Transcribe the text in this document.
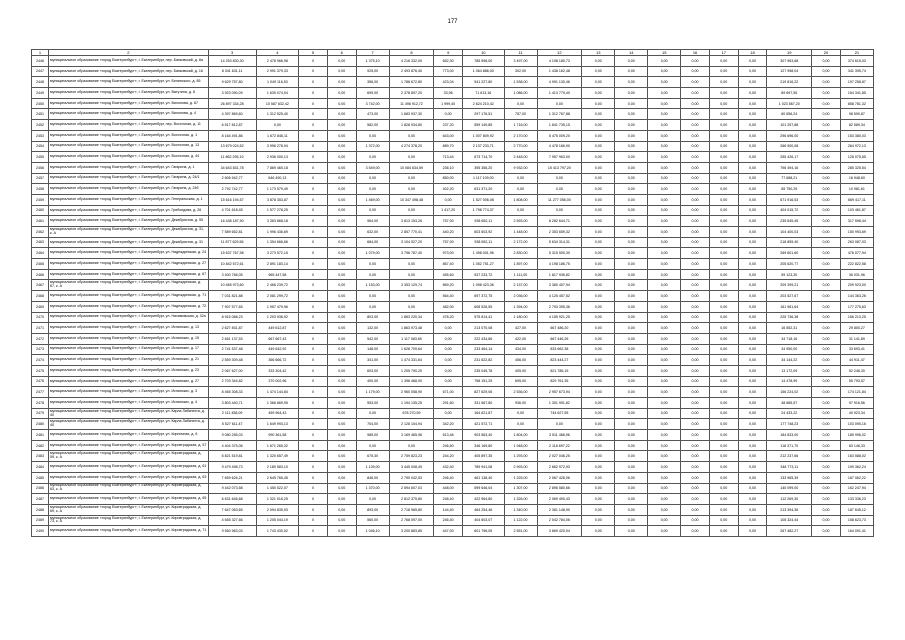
177
1	2	3	4	5	6	7	8	9	10	11	12	13	14	15	16	17	18	19	20	21
2446	муниципальное образование «город Екатеринбург», г. Екатеринбург, пер. Банковский, д. 8а	14 253 830,30	2 478 966,98	0	0,00	1 375,10	4 216 332,00	652,30	785 598,00	3 497,00	4 198 180,73	0,00	0,00	0,00	0,00	0,00	0,00	307 963,68	0,00	374 615,03
2447	муниципальное образование «город Екатеринбург», г. Екатеринбург, пер. Банковский, д. 16	8 341 631,11	2 991 379,33	0	0,00	925,00	2 493 876,40	773,00	1 064 886,00	302,00	1 438 162,48	0,00	0,00	0,00	0,00	0,00	0,00	127 958,04	0,00	341 395,74
2448	муниципальное образование «город Екатеринбург», г. Екатеринбург, ул. Белинского, д. 85	9 629 757,80	1 049 116,53	0	0,00	356,00	1 788 672,80	423,04	541 227,80	1 538,00	4 991 130,46	0,00	0,00	0,00	0,00	0,00	0,00	219 816,22	0,00	197 258,87
2449	муниципальное образование «город Екатеринбург», г. Екатеринбург, ул. Ватутина, д. 8	3 923 090,09	1 639 074,04	0	0,00	699,00	2 378 897,20	33,96	71 613,16	1 086,00	1 413 779,40	0,00	0,00	0,00	0,00	0,00	0,00	89 697,55	0,00	154 341,85
2450	муниципальное образование «город Екатеринбург», г. Екатеринбург, ул. Вилонова, д. 67	26 897 334,28	10 587 632,42	0	0,00	3 742,00	11 496 912,72	1 999,40	2 624 210,42	0,00	0,00	0,00	0,00	0,00	0,00	0,00	0,00	1 023 567,20	0,00	858 781,32
2451	муниципальное образование «город Екатеринбург», г. Екатеринбург, ул. Вилонова, д. 4	4 397 869,60	1 312 525,40	0	0,00	473,00	1 683 937,30	0,00	297 176,51	757,00	1 312 767,88	0,00	0,00	0,00	0,00	0,00	0,00	60 656,24	0,00	98 590,87
2452	муниципальное образование «город Екатеринбург», г. Екатеринбург, пер. Восточная, д. 11	6 517 812,87	0,00	0	0,00	582,00	1 828 934,80	237,20	559 149,85	1 716,00	1 841 735,15	0,00	0,00	0,00	0,00	0,00	0,00	101 257,88	0,00	82 589,34
2453	муниципальное образование «город Екатеринбург», г. Екатеринбург, ул. Восточная, д. 1	8 164 491,86	1 672 846,11	0	0,00	0,00	0,00	643,00	1 007 809,92	2 170,00	5 475 009,20	0,00	0,00	0,00	0,00	0,00	0,00	296 696,00	0,00	153 380,03
2454	муниципальное образование «город Екатеринбург», г. Екатеринбург, ул. Восточная, д. 13	13 679 024,52	3 996 278,94	0	0,00	1 372,00	4 274 378,20	889,70	2 137 233,71	2 770,00	4 478 166,90	0,00	0,00	0,00	0,00	0,00	0,00	266 900,08	0,00	264 972,13
2455	муниципальное образование «город Екатеринбург», г. Екатеринбург, ул. Восточная, д. 44	11 862 295,19	2 936 000,13	0	0,00	0,00	0,00	713,44	673 714,70	2 448,00	7 957 963,00	0,00	0,00	0,00	0,00	0,00	0,00	255 426,17	0,00	128 075,65
2456	муниципальное образование «город Екатеринбург», г. Екатеринбург, ул. Гагарина, д. 1	34 643 831,78	7 869 460,18	0	0,00	3 549,00	10 084 634,59	236,10	395 356,20	9 932,00	15 413 797,20	0,00	0,00	0,00	0,00	0,00	0,00	796 494,16	0,00	285 325,54
2457	муниципальное образование «город Екатеринбург», г. Екатеринбург, ул. Гагарина, д. 24/1	2 606 942,77	646 490,13	0	0,00	0,00	0,00	850,00	1 117 109,00	0,00	0,00	0,00	0,00	0,00	0,00	0,00	0,00	77 688,21	0,00	16 948,60
2458	муниципальное образование «город Екатеринбург», г. Екатеринбург, ул. Гагарина, д. 24б	2 792 742,77	1 173 579,49	0	0,00	0,00	0,00	402,20	631 371,20	0,00	0,00	0,00	0,00	0,00	0,00	0,00	0,00	65 750,25	0,00	10 981,61
2459	муниципальное образование «город Екатеринбург», г. Екатеринбург, ул. Генеральская, д. 1	15 616 194,57	3 878 353,87	0	0,00	1 469,00	10 347 498,48	0,00	1 527 006,08	1 808,00	11 277 056,00	0,00	0,00	0,00	0,00	0,00	0,00	671 916,53	0,00	669 417,11
2460	муниципальное образование «город Екатеринбург», г. Екатеринбург, ул. Грибоедова, д. 26	4 701 618,45	1 577 278,25	0	0,00	0,00	0,00	1 417,20	1 798 774,37	0,00	0,00	0,00	0,00	0,00	0,00	0,00	0,00	404 015,72	0,00	103 461,87
2461	муниципальное образование «город Екатеринбург», г. Екатеринбург, ул. Декабристов, д. 55	16 438 187,90	3 363 868,18	0	0,00	964,00	3 813 153,26	757,00	938 652,11	2 593,00	8 282 644,71	0,00	0,00	0,00	0,00	0,00	0,00	235 645,45	0,00	317 598,44
2462	муниципальное образование «город Екатеринбург», г. Екатеринбург, ул. Декабристов, д. 31, к. А	7 589 652,81	1 996 436,69	0	0,00	632,00	2 857 770,41	440,20	603 603,92	1 448,00	2 353 659,32	0,00	0,00	0,00	0,00	0,00	0,00	104 400,03	0,00	150 993,69
2463	муниципальное образование «город Екатеринбург», г. Екатеринбург, ул. Декабристов, д. 31	11 877 629,56	1 354 666,66	0	0,00	684,00	3 104 527,20	757,00	938 652,11	2 172,00	5 634 314,31	0,00	0,00	0,00	0,00	0,00	0,00	218 859,40	0,00	263 087,03
2464	муниципальное образование «город Екатеринбург», г. Екатеринбург, ул. Надеждинская, д. 24	15 637 767,98	3 273 572,15	0	0,00	1 079,00	3 796 787,40	973,00	1 498 001,96	2 830,00	5 315 500,30	0,00	0,00	0,00	0,00	0,00	0,00	269 601,60	0,00	476 077,94
2465	муниципальное образование «город Екатеринбург», г. Екатеринбург, ул. Надеждинская, д. 27	10 842 572,61	2 891 183,14	0	0,00	0,00	0,00	867,40	1 052 751,27	1 897,00	4 198 186,75	0,00	0,00	0,00	0,00	0,00	0,00	205 620,77	0,00	222 822,58
2466	муниципальное образование «город Екатеринбург», г. Екатеринбург, ул. Надеждинская, д. 67	3 400 766,05	965 447,58	0	0,00	0,00	0,00	455,60	537 233,72	1 111,00	1 817 936,82	0,00	0,00	0,00	0,00	0,00	0,00	59 123,30	0,00	36 031,96
2467	муниципальное образование «город Екатеринбург», г. Екатеринбург, ул. Надеждинская, д. 67, к. А	10 465 973,60	2 466 239,72	0	0,00	1 153,00	3 353 129,74	869,20	1 098 423,36	2 137,00	3 380 407,94	0,00	0,00	0,00	0,00	0,00	0,00	209 399,21	0,00	209 923,00
2468	муниципальное образование «город Екатеринбург», г. Екатеринбург, ул. Надеждинская, д. 71	7 031 821,88	2 081 299,72	0	0,00	0,00	0,00	564,40	697 372,75	2 036,00	4 125 457,52	0,00	0,00	0,00	0,00	0,00	0,00	203 527,67	0,00	144 363,26
2469	муниципальное образование «город Екатеринбург», г. Екатеринбург, ул. Надеждинская, д. 72	7 907 577,65	1 957 479,96	0	0,00	0,00	0,00	482,00	608 526,55	1 394,00	2 793 395,36	0,00	0,00	0,00	0,00	0,00	0,00	161 961,64	0,00	177 275,63
2470	муниципальное образование «город Екатеринбург», г. Екатеринбург, ул. Нахимовская, д. 32а	8 915 088,23	1 203 936,92	0	0,00	803,00	1 863 220,34	478,20	575 814,41	1 180,00	4 155 921,25	0,00	0,00	0,00	0,00	0,00	0,00	225 736,38	0,00	156 213,25
2471	муниципальное образование «город Екатеринбург», г. Екатеринбург, ул. Испанских, д. 13	2 627 831,87	449 612,87	0	0,00	132,00	1 863 973,48	0,00	213 070,08	427,00	667 486,20	0,00	0,00	0,00	0,00	0,00	0,00	16 552,31	0,00	29 800,27
2472	муниципальное образование «город Екатеринбург», г. Екатеринбург, ул. Испанских, д. 15	2 651 137,53	667 667,43	0	0,00	542,00	1 117 083,69	0,00	222 434,66	422,00	667 446,26	0,00	0,00	0,00	0,00	0,00	0,00	34 718,16	0,00	31 141,89
2473	муниципальное образование «город Екатеринбург», г. Екатеринбург, ул. Испанских, д. 17	2 741 537,48	449 642,92	0	0,00	148,00	1 628 709,64	0,00	233 464,14	434,00	833 662,38	0,00	0,00	0,00	0,00	0,00	0,00	34 950,00	0,00	33 693,41
2474	муниципальное образование «город Екатеринбург», г. Екатеринбург, ул. Испанских, д. 21	2 559 309,48	366 666,72	0	0,00	341,00	1 474 331,64	0,00	231 622,82	456,00	823 444,27	0,00	0,00	0,00	0,00	0,00	0,00	34 144,22	0,00	44 911,47
2475	муниципальное образование «город Екатеринбург», г. Екатеринбург, ул. Испанских, д. 23	2 067 627,00	333 304,42	0	0,00	603,00	1 205 790,20	0,00	235 045,78	405,00	821 786,15	0,00	0,00	0,00	0,00	0,00	0,00	13 172,09	0,00	52 246,30
2476	муниципальное образование «город Екатеринбург», г. Екатеринбург, ул. Испанских, д. 27	2 703 344,82	370 002,96	0	0,00	400,00	1 396 468,00	0,00	758 151,25	695,00	829 761,35	0,00	0,00	0,00	0,00	0,00	0,00	14 478,99	0,00	55 793,57
2477	муниципальное образование «город Екатеринбург», г. Екатеринбург, ул. Испанских, д. 3	8 465 308,33	1 474 144,84	0	0,00	1 179,00	2 960 058,90	671,00	827 629,06	2 536,00	2 957 673,94	0,00	0,00	0,00	0,00	0,00	0,00	156 224,02	0,00	174 121,84
2478	муниципальное образование «город Екатеринбург», г. Екатеринбург, ул. Испанских, д. 4	3 803 440,71	1 366 669,95	0	0,00	553,00	1 194 135,25	291,60	331 567,80	936,00	1 301 991,82	0,00	0,00	0,00	0,00	0,00	0,00	48 685,57	0,00	97 916,56
2479	муниципальное образование «город Екатеринбург», г. Екатеринбург, ул. Карла Либкнехта, д. 40	2 111 458,09	459 964,43	0	0,00	0,00	678 270,59	0,00	164 621,87	0,00	744 627,55	0,00	0,00	0,00	0,00	0,00	0,00	24 433,22	0,00	40 923,34
2480	муниципальное образование «город Екатеринбург», г. Екатеринбург, ул. Карла Либкнехта, д. 40	5 527 611,47	1 649 993,13	0	0,00	704,00	2 128 104,94	342,20	421 572,71	0,00	0,00	0,00	0,00	0,00	0,00	0,00	0,00	177 748,23	0,00	103 095,16
2481	муниципальное образование «город Екатеринбург», г. Екатеринбург, ул. Кирпичная, д. 6	9 080 255,03	990 361,58	0	0,00	985,00	3 169 465,96	513,46	903 563,40	1 804,00	3 511 468,96	0,00	0,00	0,00	0,00	0,00	0,00	184 833,00	0,00	185 996,02
2482	муниципальное образование «город Екатеринбург», г. Екатеринбург, ул. Кировградская, д. 57	4 404 375,06	1 671 265,32	0	0,00	0,00	0,00	246,50	346 169,80	1 948,00	2 118 697,22	0,00	0,00	0,00	0,00	0,00	0,00	118 371,70	0,00	83 146,33
2483	муниципальное образование «город Екатеринбург», г. Екатеринбург, ул. Кировградская, д. 59, к. А	5 821 519,81	1 320 657,49	0	0,00	675,30	2 759 823,23	244,20	405 897,35	1 293,00	2 027 046,25	0,00	0,00	0,00	0,00	0,00	0,00	212 237,66	0,00	163 588,02
2484	муниципальное образование «город Екатеринбург», г. Екатеринбург, ул. Кировградская, д. 61	9 479 498,73	2 189 583,10	0	0,00	1 139,00	3 445 008,49	432,40	789 941,08	2 993,00	2 662 972,93	0,00	0,00	0,00	0,00	0,00	0,00	348 773,11	0,00	199 362,24
2485	муниципальное образование «город Екатеринбург», г. Екатеринбург, ул. Кировградская, д. 63	7 659 626,21	2 649 765,45	0	0,00	846,00	2 790 042,53	246,40	461 138,40	1 225,00	2 067 426,06	0,00	0,00	0,00	0,00	0,00	0,00	133 965,39	0,00	187 062,22
2486	муниципальное образование «город Екатеринбург», г. Екатеринбург, ул. Кировградская, д. 63, к. А	9 442 073,58	1 450 522,07	0	0,00	1 370,00	2 594 607,03	448,00	599 646,04	1 307,00	2 896 580,66	0,00	0,00	0,00	0,00	0,00	0,00	140 099,00	0,00	162 247,94
2487	муниципальное образование «город Екатеринбург», г. Екатеринбург, ул. Кировградская, д. 65	6 631 646,68	1 321 016,25	0	0,00	0,00	2 812 375,80	248,40	422 964,80	1 326,00	2 069 490,43	0,00	0,00	0,00	0,00	0,00	0,00	112 269,30	0,00	133 336,23
2488	муниципальное образование «город Екатеринбург», г. Екатеринбург, ул. Кировградская, д. 69, к. А	7 647 063,65	2 094 835,93	0	0,00	893,00	2 718 965,80	144,40	464 254,46	1 340,00	2 361 148,90	0,00	0,00	0,00	0,00	0,00	0,00	213 394,36	0,00	187 645,12
2489	муниципальное образование «город Екатеринбург», г. Екатеринбург, ул. Кировградская, д. 73, к. А	4 655 327,66	1 205 044,19	0	0,00	560,00	2 768 097,00	246,40	404 603,07	1 122,00	2 042 784,06	0,00	0,00	0,00	0,00	0,00	0,00	105 324,44	0,00	158 623,73
2490	муниципальное образование «город Екатеринбург», г. Екатеринбург, ул. Кировградская, д. 71	9 550 963,03	1 743 430,02	0	0,00	1 046,10	3 200 883,85	447,00	601 796,05	2 551,00	3 669 420,04	0,00	0,00	0,00	0,00	0,00	0,00	267 482,27	0,00	164 091,41
